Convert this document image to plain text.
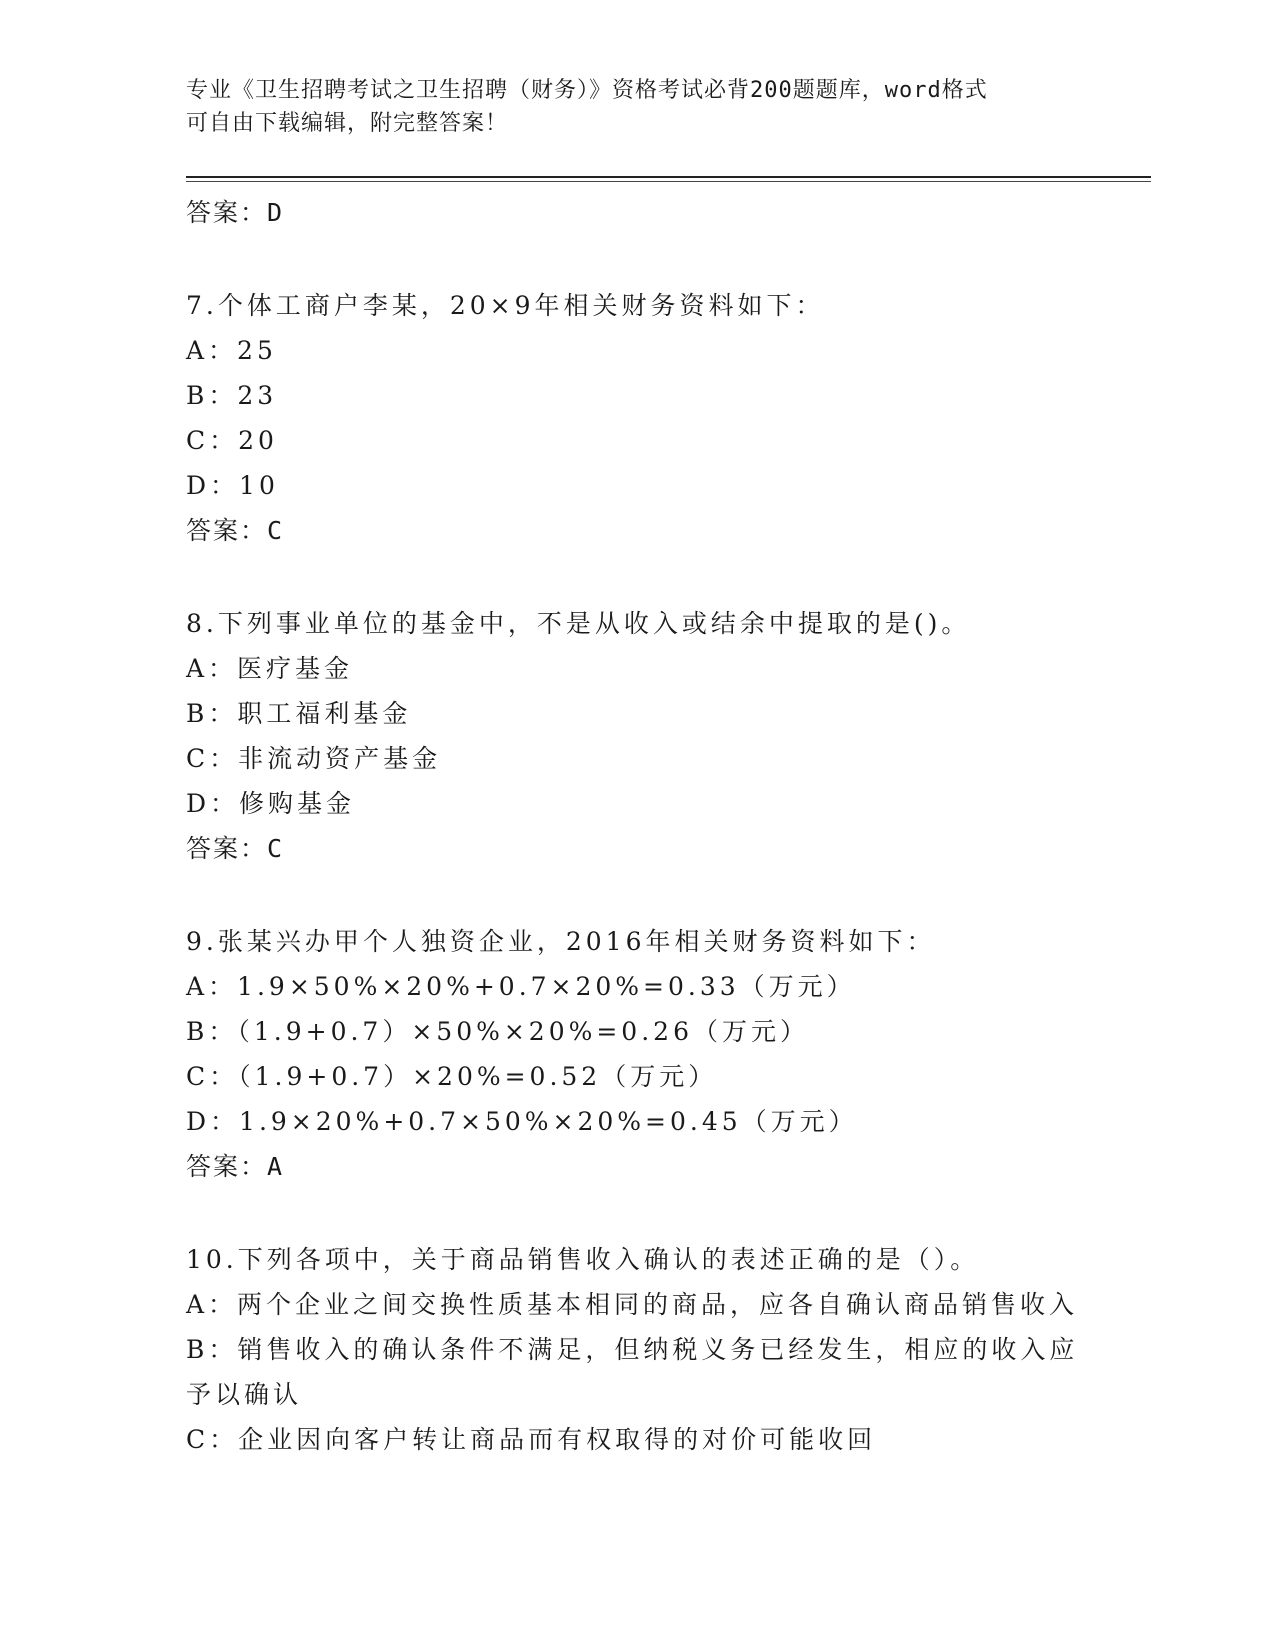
专业《卫生招聘考试之卫生招聘（财务）》资格考试必背200题题库，word格式
可自由下载编辑，附完整答案！
答案：D
7.个体工商户李某，20×9年相关财务资料如下：
A：25
B：23
C：20
D：10
答案：C
8.下列事业单位的基金中，不是从收入或结余中提取的是()。
A：医疗基金
B：职工福利基金
C：非流动资产基金
D：修购基金
答案：C
9.张某兴办甲个人独资企业，2016年相关财务资料如下：
A：1.9×50%×20%+0.7×20%=0.33（万元）
B：（1.9+0.7）×50%×20%=0.26（万元）
C：（1.9+0.7）×20%=0.52（万元）
D：1.9×20%+0.7×50%×20%=0.45（万元）
答案：A
10.下列各项中，关于商品销售收入确认的表述正确的是（）。
A：两个企业之间交换性质基本相同的商品，应各自确认商品销售收入
B：销售收入的确认条件不满足，但纳税义务已经发生，相应的收入应
予以确认
C：企业因向客户转让商品而有权取得的对价可能收回
